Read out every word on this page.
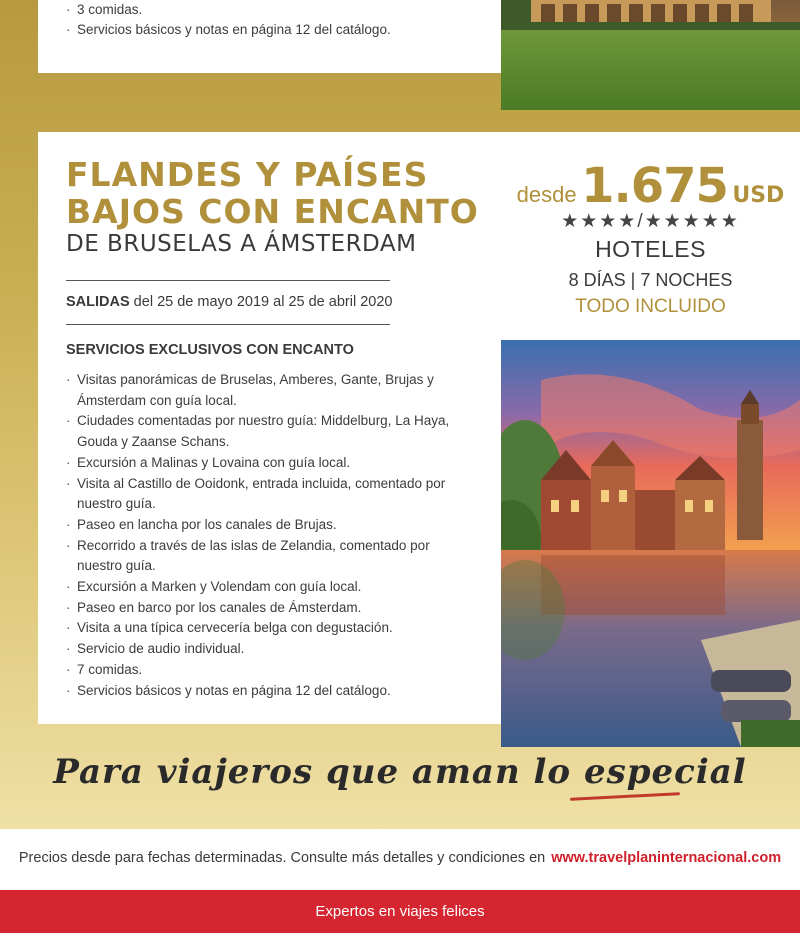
· 3 comidas.
· Servicios básicos y notas en página 12 del catálogo.
FLANDES Y PAÍSES
BAJOS CON ENCANTO
DE BRUSELAS A ÁMSTERDAM
SALIDAS del 25 de mayo 2019 al 25 de abril 2020
SERVICIOS EXCLUSIVOS CON ENCANTO
· Visitas panorámicas de Bruselas, Amberes, Gante, Brujas y Ámsterdam con guía local.
· Ciudades comentadas por nuestro guía: Middelburg, La Haya, Gouda y Zaanse Schans.
· Excursión a Malinas y Lovaina con guía local.
· Visita al Castillo de Ooidonk, entrada incluida, comentado por nuestro guía.
· Paseo en lancha por los canales de Brujas.
· Recorrido a través de las islas de Zelandia, comentado por nuestro guía.
· Excursión a Marken y Volendam con guía local.
· Paseo en barco por los canales de Ámsterdam.
· Visita a una típica cervecería belga con degustación.
· Servicio de audio individual.
· 7 comidas.
· Servicios básicos y notas en página 12 del catálogo.
desde 1.675 USD
★★★★/★★★★★
HOTELES
8 DÍAS | 7 NOCHES
TODO INCLUIDO
Para viajeros que aman lo especial
Precios desde para fechas determinadas. Consulte más detalles y condiciones en www.travelplaninternacional.com
Expertos en viajes felices
